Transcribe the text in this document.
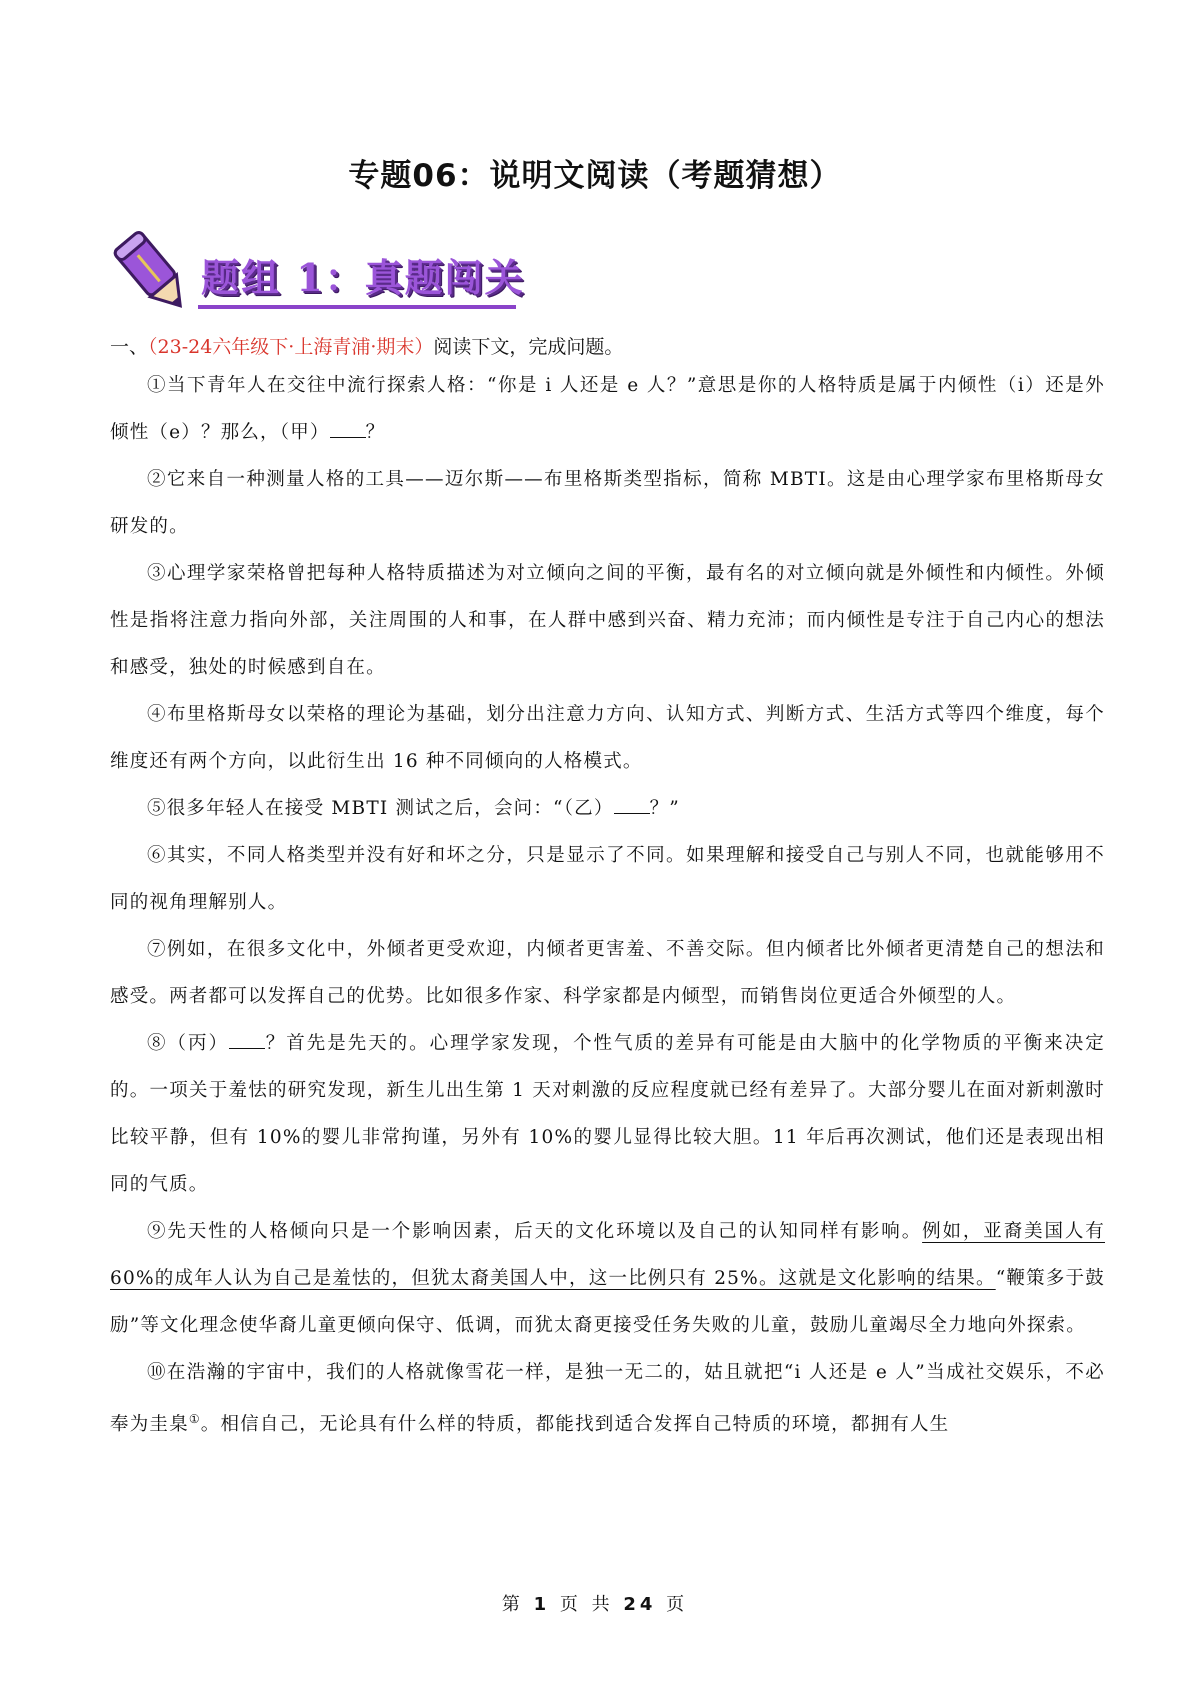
专题06：说明文阅读（考题猜想）
题组 1：真题闯关
一、（23-24六年级下·上海青浦·期末）阅读下文，完成问题。

①当下青年人在交往中流行探索人格：“你是 i 人还是 e 人？”意思是你的人格特质是属于内倾性（i）还是外倾性（e）？那么，（甲） ？

②它来自一种测量人格的工具——迈尔斯——布里格斯类型指标，简称 MBTI。这是由心理学家布里格斯母女研发的。

③心理学家荣格曾把每种人格特质描述为对立倾向之间的平衡，最有名的对立倾向就是外倾性和内倾性。外倾性是指将注意力指向外部，关注周围的人和事，在人群中感到兴奋、精力充沛；而内倾性是专注于自己内心的想法和感受，独处的时候感到自在。

④布里格斯母女以荣格的理论为基础，划分出注意力方向、认知方式、判断方式、生活方式等四个维度，每个维度还有两个方向，以此衍生出 16 种不同倾向的人格模式。

⑤很多年轻人在接受 MBTI 测试之后，会问：“（乙） ？”

⑥其实，不同人格类型并没有好和坏之分，只是显示了不同。如果理解和接受自己与别人不同，也就能够用不同的视角理解别人。

⑦例如，在很多文化中，外倾者更受欢迎，内倾者更害羞、不善交际。但内倾者比外倾者更清楚自己的想法和感受。两者都可以发挥自己的优势。比如很多作家、科学家都是内倾型，而销售岗位更适合外倾型的人。

⑧（丙） ？首先是先天的。心理学家发现，个性气质的差异有可能是由大脑中的化学物质的平衡来决定的。一项关于羞怯的研究发现，新生儿出生第 1 天对刺激的反应程度就已经有差异了。大部分婴儿在面对新刺激时比较平静，但有 10%的婴儿非常拘谨，另外有 10%的婴儿显得比较大胆。11 年后再次测试，他们还是表现出相同的气质。

⑨先天性的人格倾向只是一个影响因素，后天的文化环境以及自己的认知同样有影响。例如，亚裔美国人有 60%的成年人认为自己是羞怯的，但犹太裔美国人中，这一比例只有 25%。这就是文化影响的结果。“鞭策多于鼓励”等文化理念使华裔儿童更倾向保守、低调，而犹太裔更接受任务失败的儿童，鼓励儿童竭尽全力地向外探索。

⑩在浩瀚的宇宙中，我们的人格就像雪花一样，是独一无二的，姑且就把“i 人还是 e 人”当成社交娱乐，不必奉为圭臬①。相信自己，无论具有什么样的特质，都能找到适合发挥自己特质的环境，都拥有人生

第 1 页 共 24 页
